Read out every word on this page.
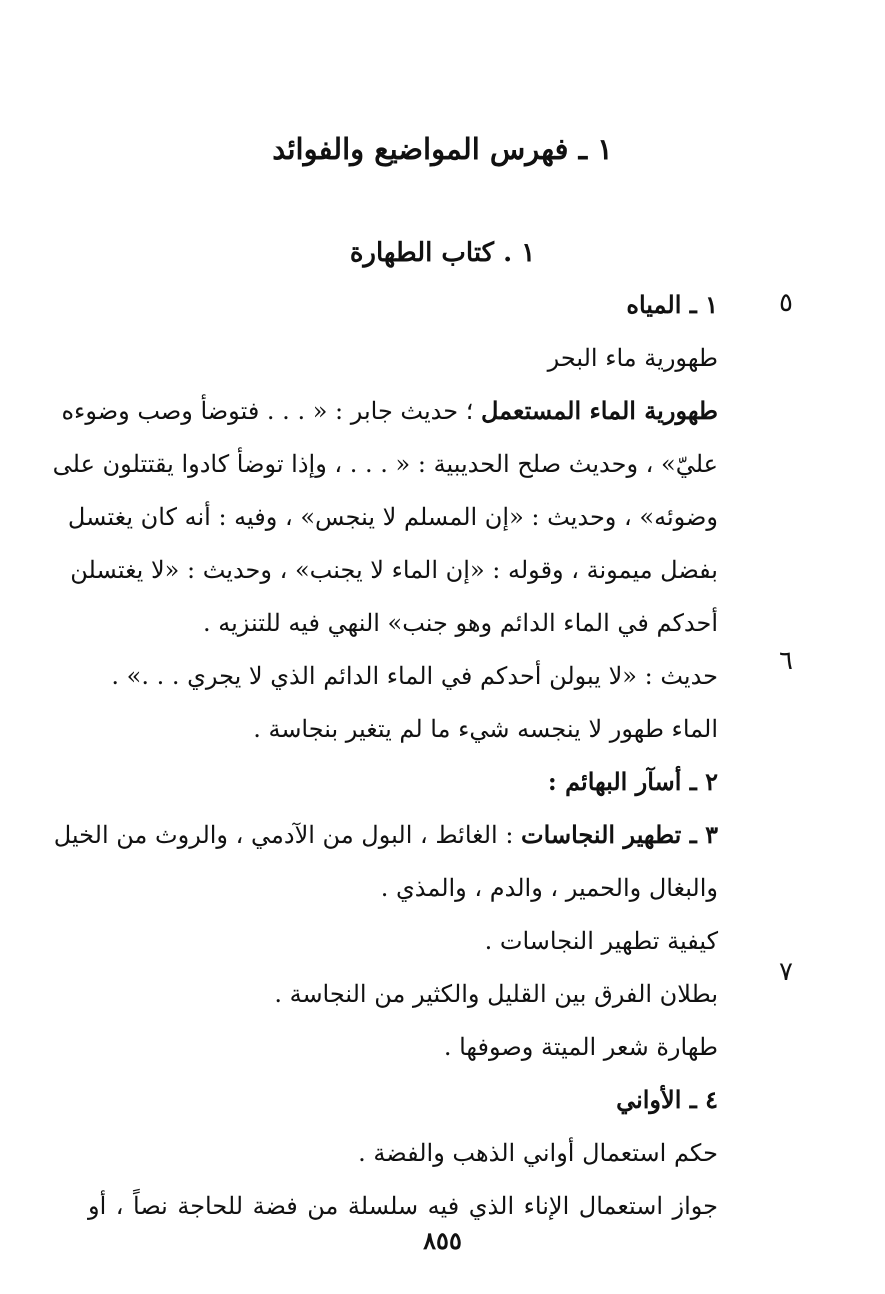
١ ـ فهرس المواضيع والفوائد
١ . كتاب الطهارة
٥
٦
٧
١ ـ المياه
طهورية ماء البحر
طهورية الماء المستعمل ؛ حديث جابر : « . . . فتوضأ وصب وضوءه
عليّ» ، وحديث صلح الحديبية : « . . . ، وإذا توضأ كادوا يقتتلون على
وضوئه» ، وحديث : «إن المسلم لا ينجس» ، وفيه : أنه كان يغتسل
بفضل ميمونة ، وقوله : «إن الماء لا يجنب» ، وحديث : «لا يغتسلن
أحدكم في الماء الدائم وهو جنب» النهي فيه للتنزيه .
حديث : «لا يبولن أحدكم في الماء الدائم الذي لا يجري . . .» .
الماء طهور لا ينجسه شيء ما لم يتغير بنجاسة .
٢ ـ أسآر البهائم :
٣ ـ تطهير النجاسات : الغائط ، البول من الآدمي ، والروث من الخيل
والبغال والحمير ، والدم ، والمذي .
كيفية تطهير النجاسات .
بطلان الفرق بين القليل والكثير من النجاسة .
طهارة شعر الميتة وصوفها .
٤ ـ الأواني
حكم استعمال أواني الذهب والفضة .
جواز استعمال الإناء الذي فيه سلسلة من فضة للحاجة نصاً ، أو
٨٥٥
